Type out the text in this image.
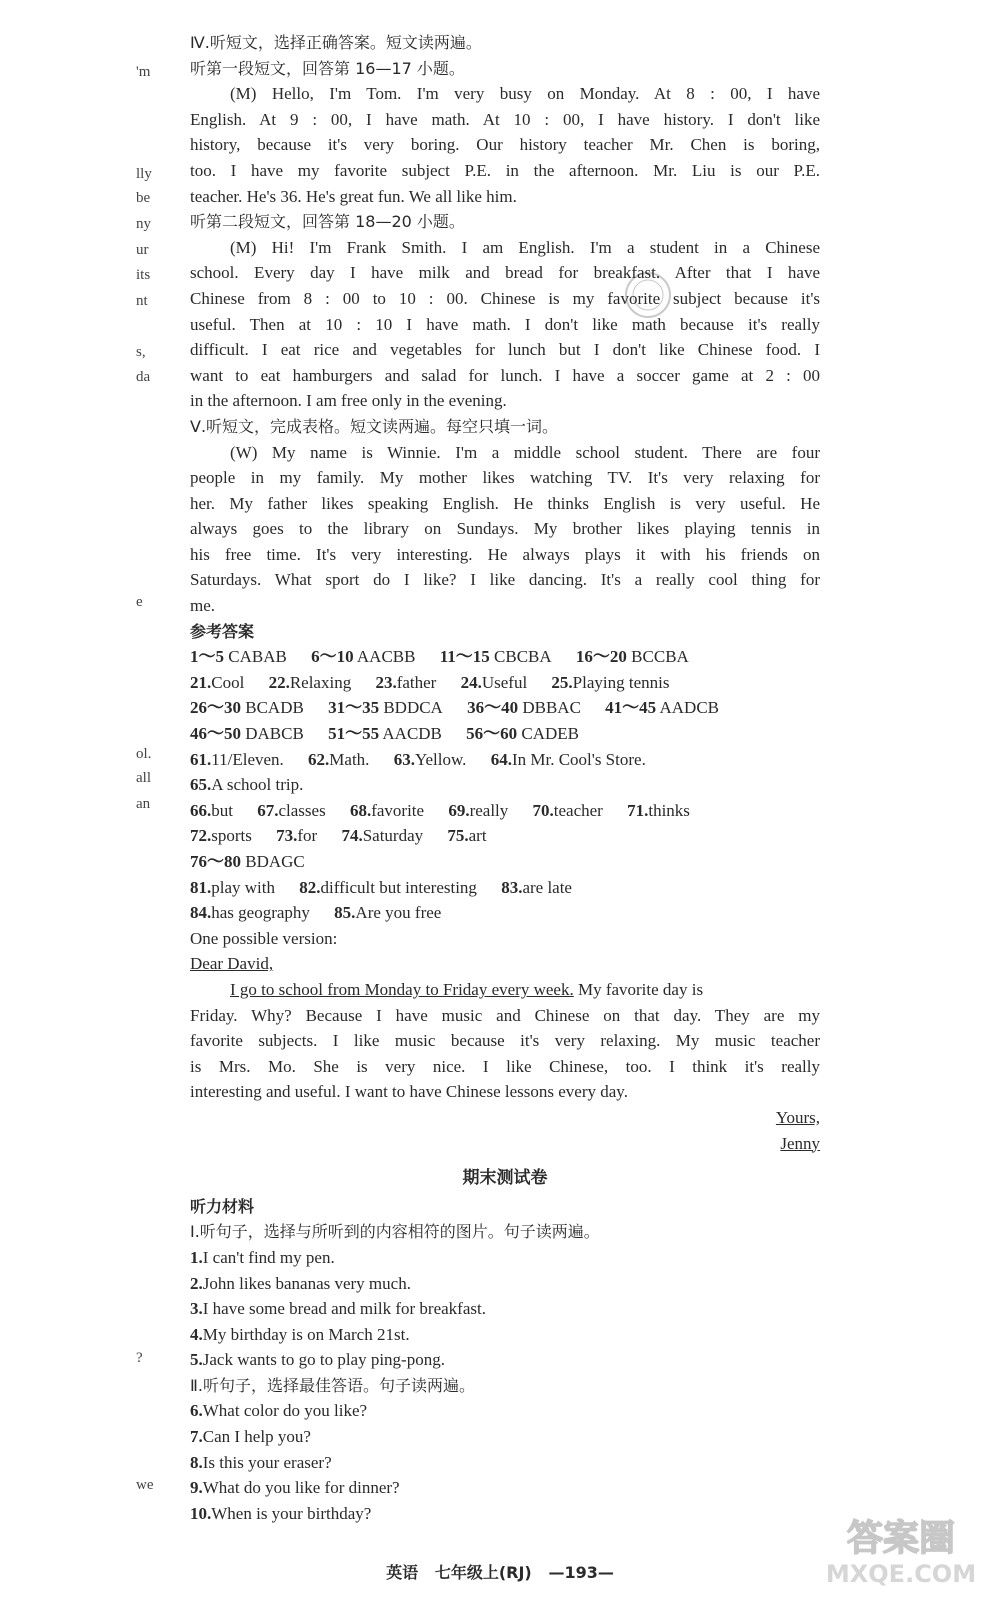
'm
lly
be
ny
ur
its
nt
s,
da
e
ol.
all
an
?
we
Ⅳ.听短文，选择正确答案。短文读两遍。
听第一段短文，回答第 16—17 小题。
(M) Hello, I'm Tom. I'm very busy on Monday. At 8 : 00, I have
English. At 9 : 00, I have math. At 10 : 00, I have history. I don't like
history, because it's very boring. Our history teacher Mr. Chen is boring,
too. I have my favorite subject P.E. in the afternoon. Mr. Liu is our P.E.
teacher. He's 36. He's great fun. We all like him.
听第二段短文，回答第 18—20 小题。
(M) Hi! I'm Frank Smith. I am English. I'm a student in a Chinese
school. Every day I have milk and bread for breakfast. After that I have
Chinese from 8 : 00 to 10 : 00. Chinese is my favorite subject because it's
useful. Then at 10 : 10 I have math. I don't like math because it's really
difficult. I eat rice and vegetables for lunch but I don't like Chinese food. I
want to eat hamburgers and salad for lunch. I have a soccer game at 2 : 00
in the afternoon. I am free only in the evening.
Ⅴ.听短文，完成表格。短文读两遍。每空只填一词。
(W) My name is Winnie. I'm a middle school student. There are four
people in my family. My mother likes watching TV. It's very relaxing for
her. My father likes speaking English. He thinks English is very useful. He
always goes to the library on Sundays. My brother likes playing tennis in
his free time. It's very interesting. He always plays it with his friends on
Saturdays. What sport do I like? I like dancing. It's a really cool thing for
me.
参考答案
1～5 CABAB 6～10 AACBB 11～15 CBCBA 16～20 BCCBA
21.Cool 22.Relaxing 23.father 24.Useful 25.Playing tennis
26～30 BCADB 31～35 BDDCA 36～40 DBBAC 41～45 AADCB
46～50 DABCB 51～55 AACDB 56～60 CADEB
61.11/Eleven. 62.Math. 63.Yellow. 64.In Mr. Cool's Store.
65.A school trip.
66.but 67.classes 68.favorite 69.really 70.teacher 71.thinks
72.sports 73.for 74.Saturday 75.art
76～80 BDAGC
81.play with 82.difficult but interesting 83.are late
84.has geography 85.Are you free
One possible version:
Dear David,
I go to school from Monday to Friday every week. My favorite day is
Friday. Why? Because I have music and Chinese on that day. They are my
favorite subjects. I like music because it's very relaxing. My music teacher
is Mrs. Mo. She is very nice. I like Chinese, too. I think it's really
interesting and useful. I want to have Chinese lessons every day.
Yours,
Jenny
期末测试卷
听力材料
Ⅰ.听句子，选择与所听到的内容相符的图片。句子读两遍。
1.I can't find my pen.
2.John likes bananas very much.
3.I have some bread and milk for breakfast.
4.My birthday is on March 21st.
5.Jack wants to go to play ping-pong.
Ⅱ.听句子，选择最佳答语。句子读两遍。
6.What color do you like?
7.Can I help you?
8.Is this your eraser?
9.What do you like for dinner?
10.When is your birthday?
英语 七年级上(RJ) —193—
答案圈
MXQE.COM
